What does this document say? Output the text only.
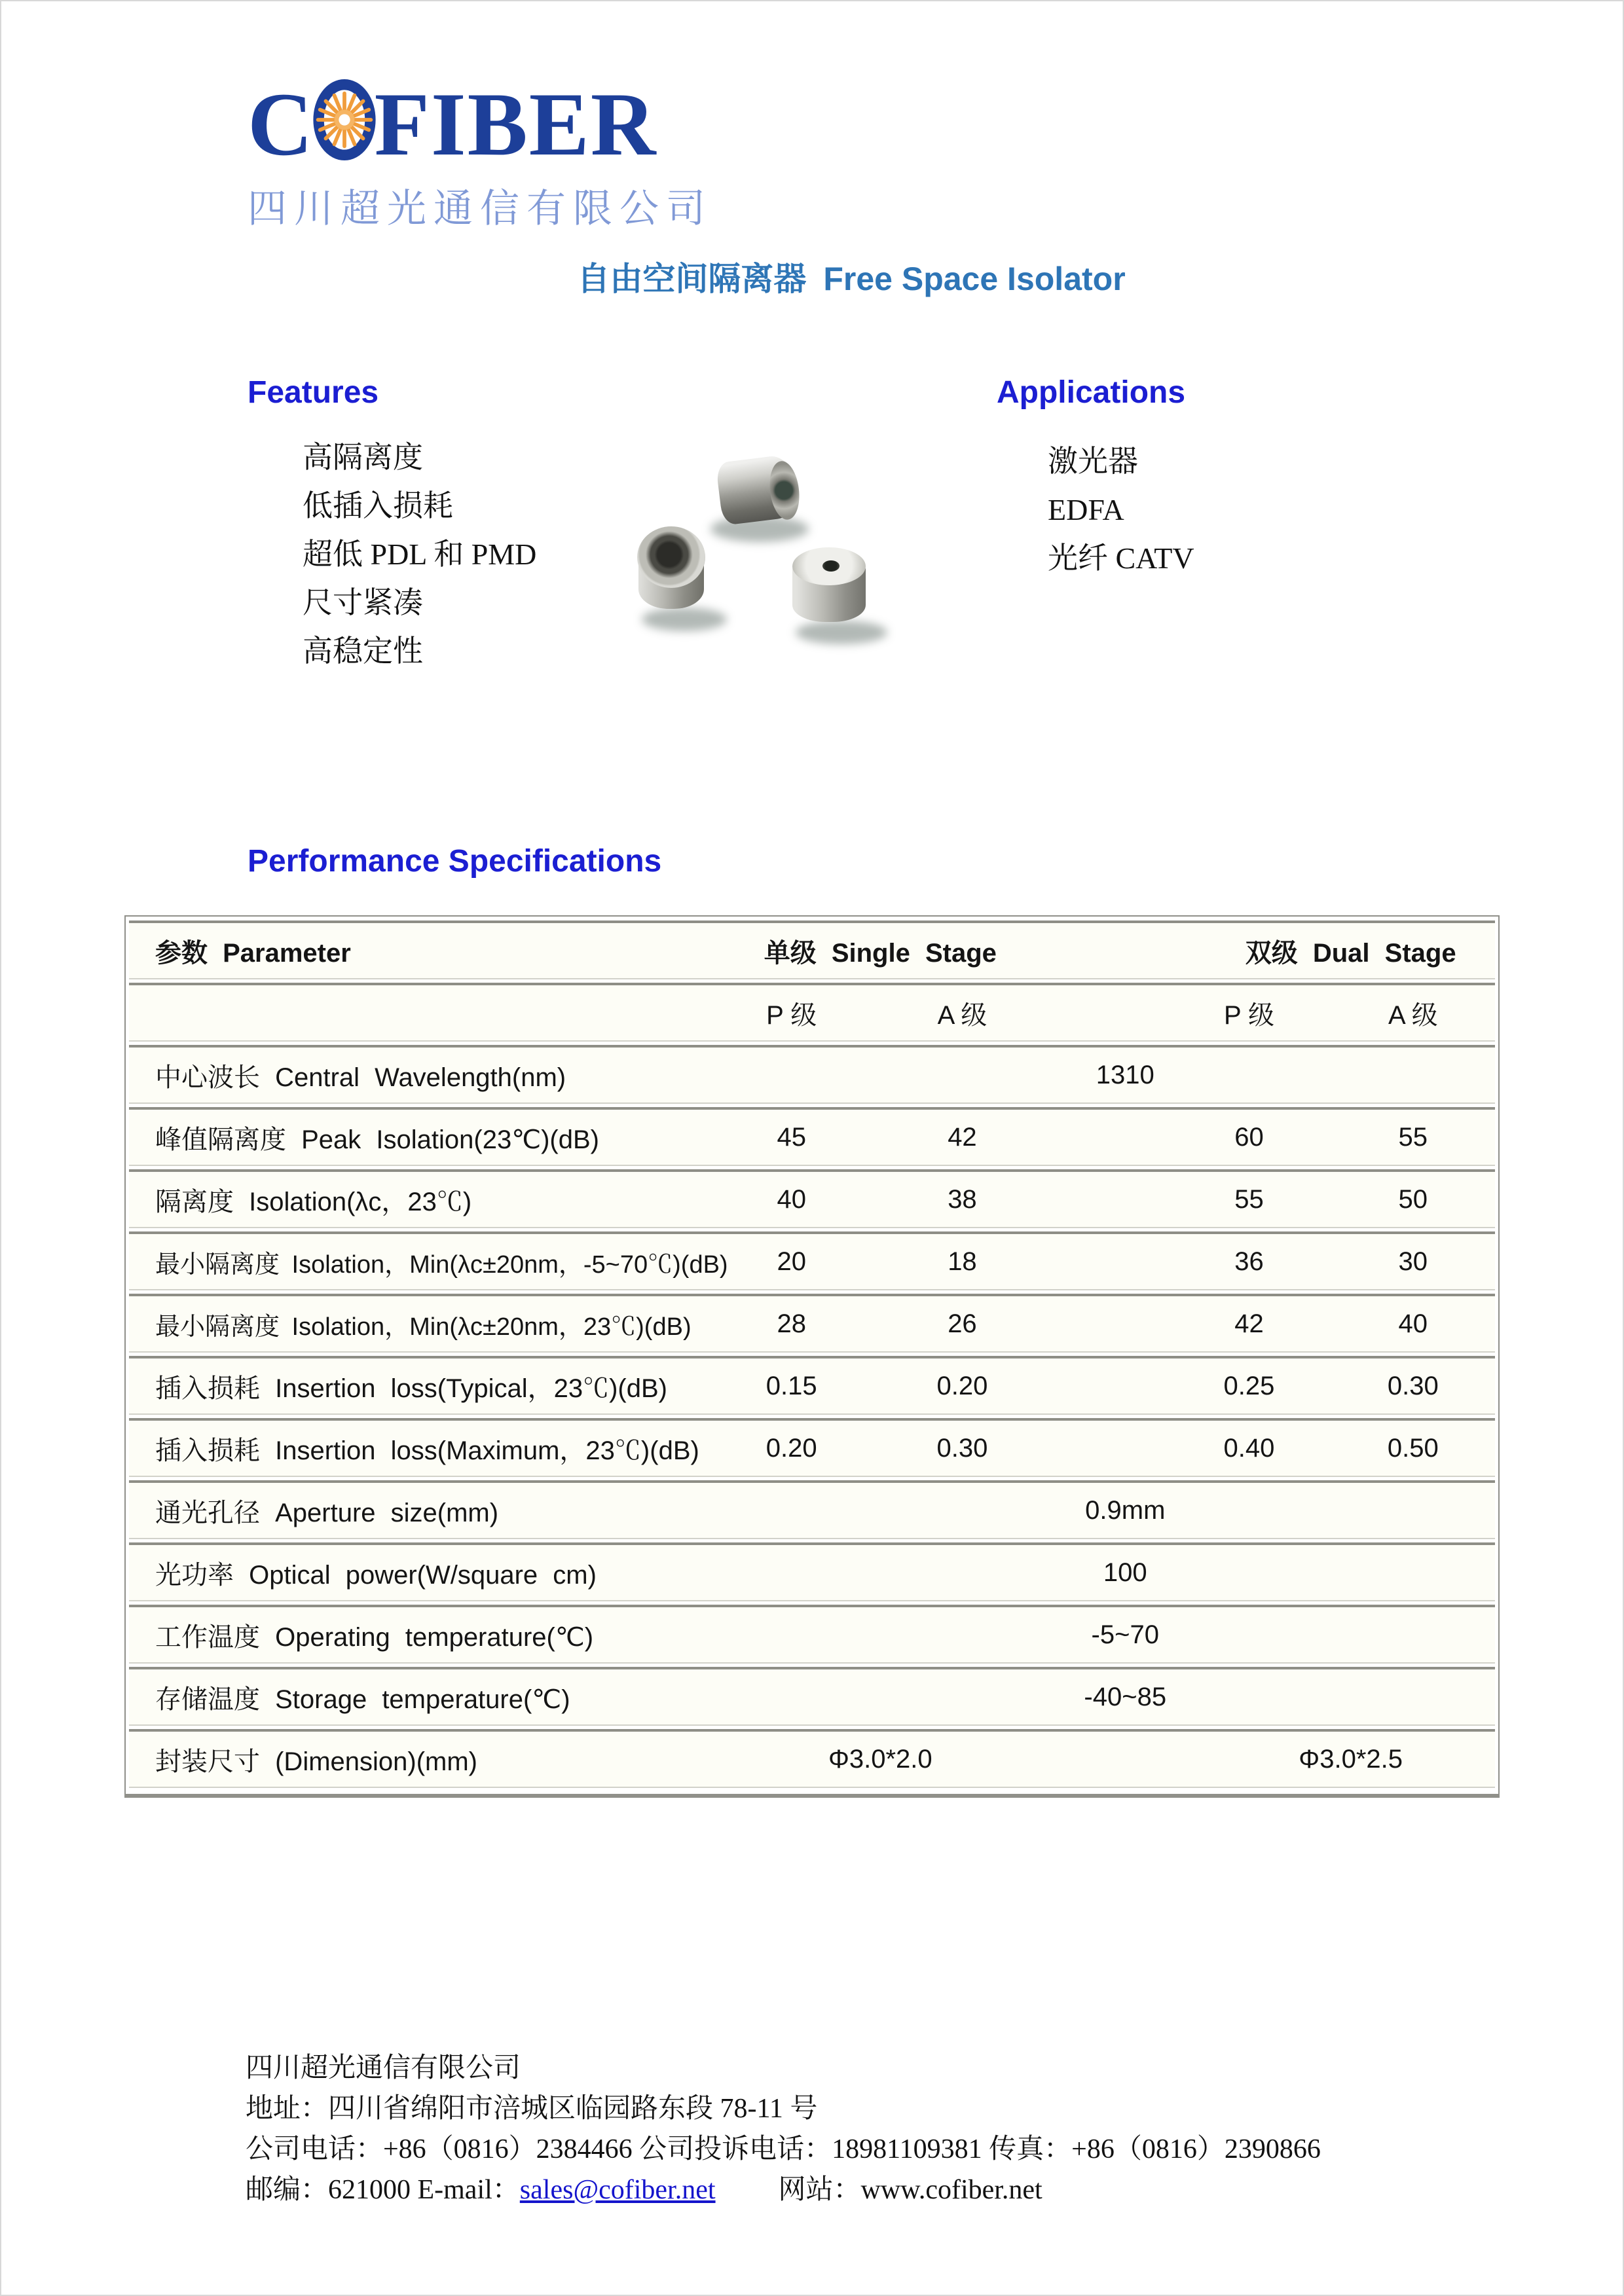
C FIBER
四川超光通信有限公司
自由空间隔离器 Free Space Isolator
Features
高隔离度
低插入损耗
超低 PDL 和 PMD
尺寸紧凑
高稳定性
Applications
激光器
EDFA
光纤 CATV
Performance Specifications
参数 Parameter	单级 Single Stage	双级 Dual Stage
P 级	A 级	P 级	A 级
中心波长 Central Wavelength(nm)	1310
峰值隔离度 Peak Isolation(23℃)(dB)	45	42	60	55
隔离度 Isolation(λc，23℃)	40	38	55	50
最小隔离度 Isolation，Min(λc±20nm，-5~70℃)(dB)	20	18	36	30
最小隔离度 Isolation，Min(λc±20nm，23℃)(dB)	28	26	42	40
插入损耗 Insertion loss(Typical，23℃)(dB)	0.15	0.20	0.25	0.30
插入损耗 Insertion loss(Maximum，23℃)(dB)	0.20	0.30	0.40	0.50
通光孔径 Aperture size(mm)	0.9mm
光功率 Optical power(W/square cm)	100
工作温度 Operating temperature(℃)	-5~70
存储温度 Storage temperature(℃)	-40~85
封装尺寸 (Dimension)(mm)	Φ3.0*2.0	Φ3.0*2.5
四川超光通信有限公司
地址：四川省绵阳市涪城区临园路东段 78-11 号
公司电话：+86（0816）2384466 公司投诉电话：18981109381 传真：+86（0816）2390866
邮编：621000 E-mail：sales@cofiber.net 网站：www.cofiber.net
